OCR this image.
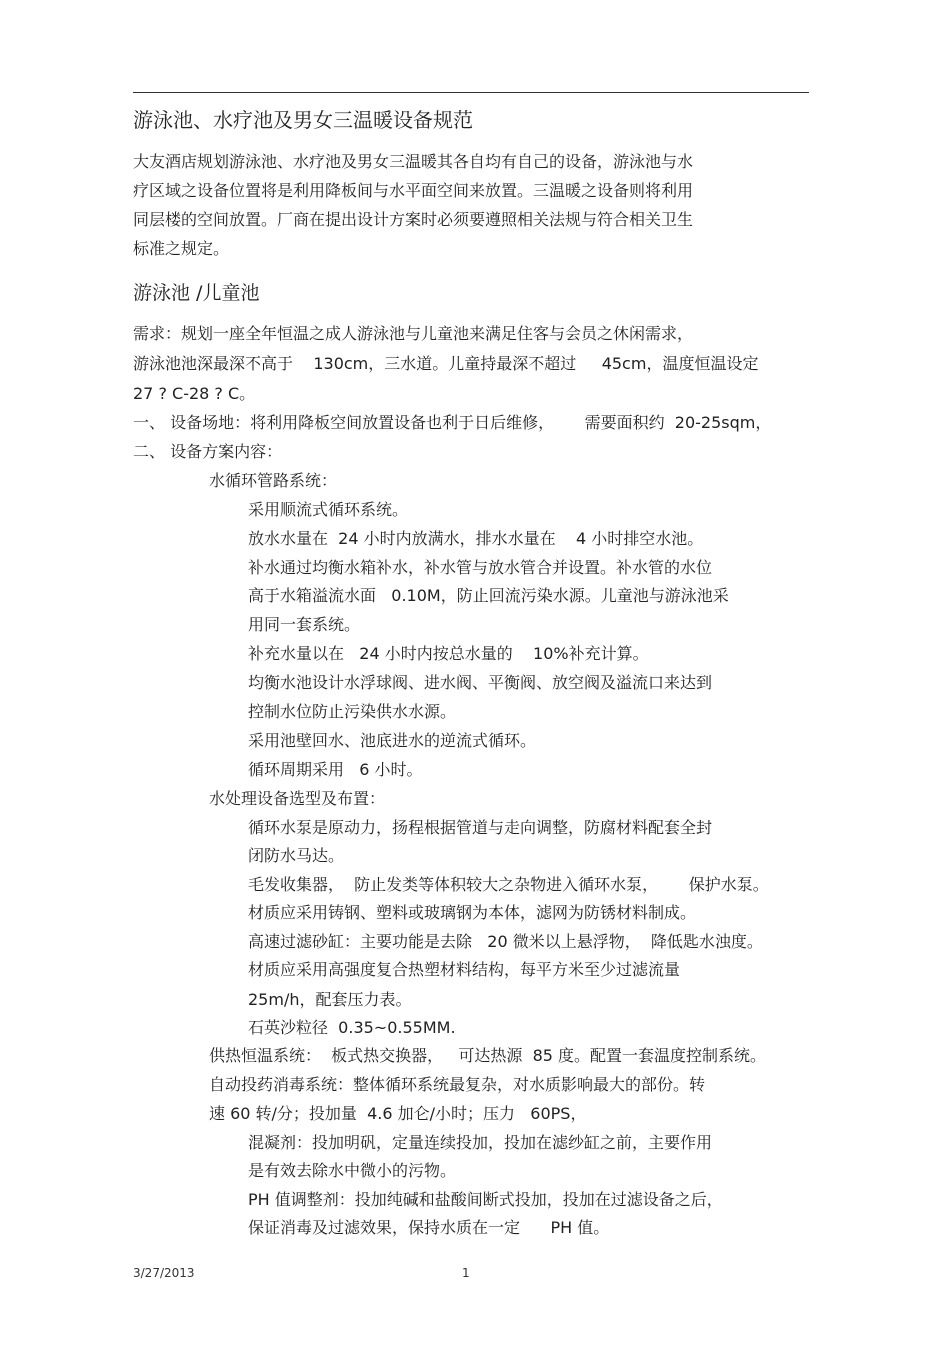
游泳池、水疗池及男女三温暖设备规范
大友酒店规划游泳池、水疗池及男女三温暖其各自均有自己的设备，游泳池与水
疗区域之设备位置将是利用降板间与水平面空间来放置。三温暖之设备则将利用
同层楼的空间放置。厂商在提出设计方案时必须要遵照相关法规与符合相关卫生
标准之规定。
游泳池 /儿童池
需求：规划一座全年恒温之成人游泳池与儿童池来满足住客与会员之休闲需求，
游泳池池深最深不高于    130cm，三水道。儿童持最深不超过     45cm，温度恒温设定
27 ? C-28 ? C。
一、 设备场地：将利用降板空间放置设备也利于日后维修，      需要面积约  20-25sqm，
二、 设备方案内容：
水循环管路系统：
采用顺流式循环系统。
放水水量在  24 小时内放满水，排水水量在    4 小时排空水池。
补水通过均衡水箱补水，补水管与放水管合并设置。补水管的水位
高于水箱溢流水面   0.10M，防止回流污染水源。儿童池与游泳池采
用同一套系统。
补充水量以在   24 小时内按总水量的    10%补充计算。
均衡水池设计水浮球阀、进水阀、平衡阀、放空阀及溢流口来达到
控制水位防止污染供水水源。
采用池壁回水、池底进水的逆流式循环。
循环周期采用   6 小时。
水处理设备选型及布置：
循环水泵是原动力，扬程根据管道与走向调整，防腐材料配套全封
闭防水马达。
毛发收集器，  防止发类等体积较大之杂物进入循环水泵，      保护水泵。
材质应采用铸钢、塑料或玻璃钢为本体，滤网为防锈材料制成。
高速过滤砂缸：主要功能是去除   20 微米以上悬浮物，  降低匙水浊度。
材质应采用高强度复合热塑材料结构，每平方米至少过滤流量
25m/h，配套压力表。
石英沙粒径  0.35~0.55MM.
供热恒温系统：  板式热交换器，   可达热源  85 度。配置一套温度控制系统。
自动投药消毒系统：整体循环系统最复杂，对水质影响最大的部份。转
速 60 转/分；投加量  4.6 加仑/小时；压力   60PS，
混凝剂：投加明矾，定量连续投加，投加在滤纱缸之前，主要作用
是有效去除水中微小的污物。
PH 值调整剂：投加纯碱和盐酸间断式投加，投加在过滤设备之后，
保证消毒及过滤效果，保持水质在一定      PH 值。
3/27/2013	1
